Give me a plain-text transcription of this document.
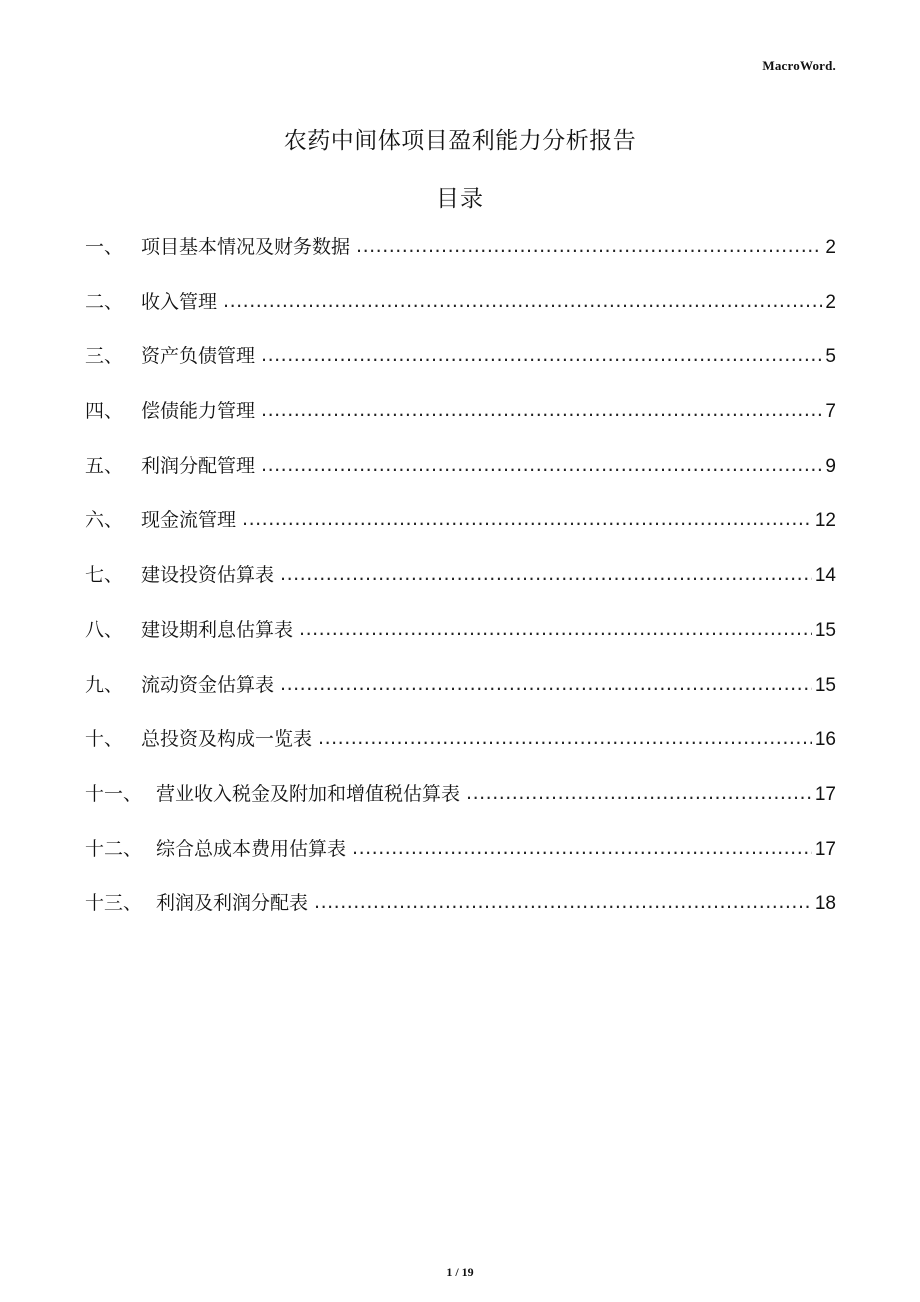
MacroWord.
农药中间体项目盈利能力分析报告
目录
一、 项目基本情况及财务数据 .....	2
二、 收入管理 .....	2
三、 资产负债管理 .....	5
四、 偿债能力管理 .....	7
五、 利润分配管理 .....	9
六、 现金流管理 .....	12
七、 建设投资估算表 .....	14
八、 建设期利息估算表 .....	15
九、 流动资金估算表 .....	15
十、 总投资及构成一览表 .....	16
十一、 营业收入税金及附加和增值税估算表 .....	17
十二、 综合总成本费用估算表 .....	17
十三、 利润及利润分配表 .....	18
1 / 19
